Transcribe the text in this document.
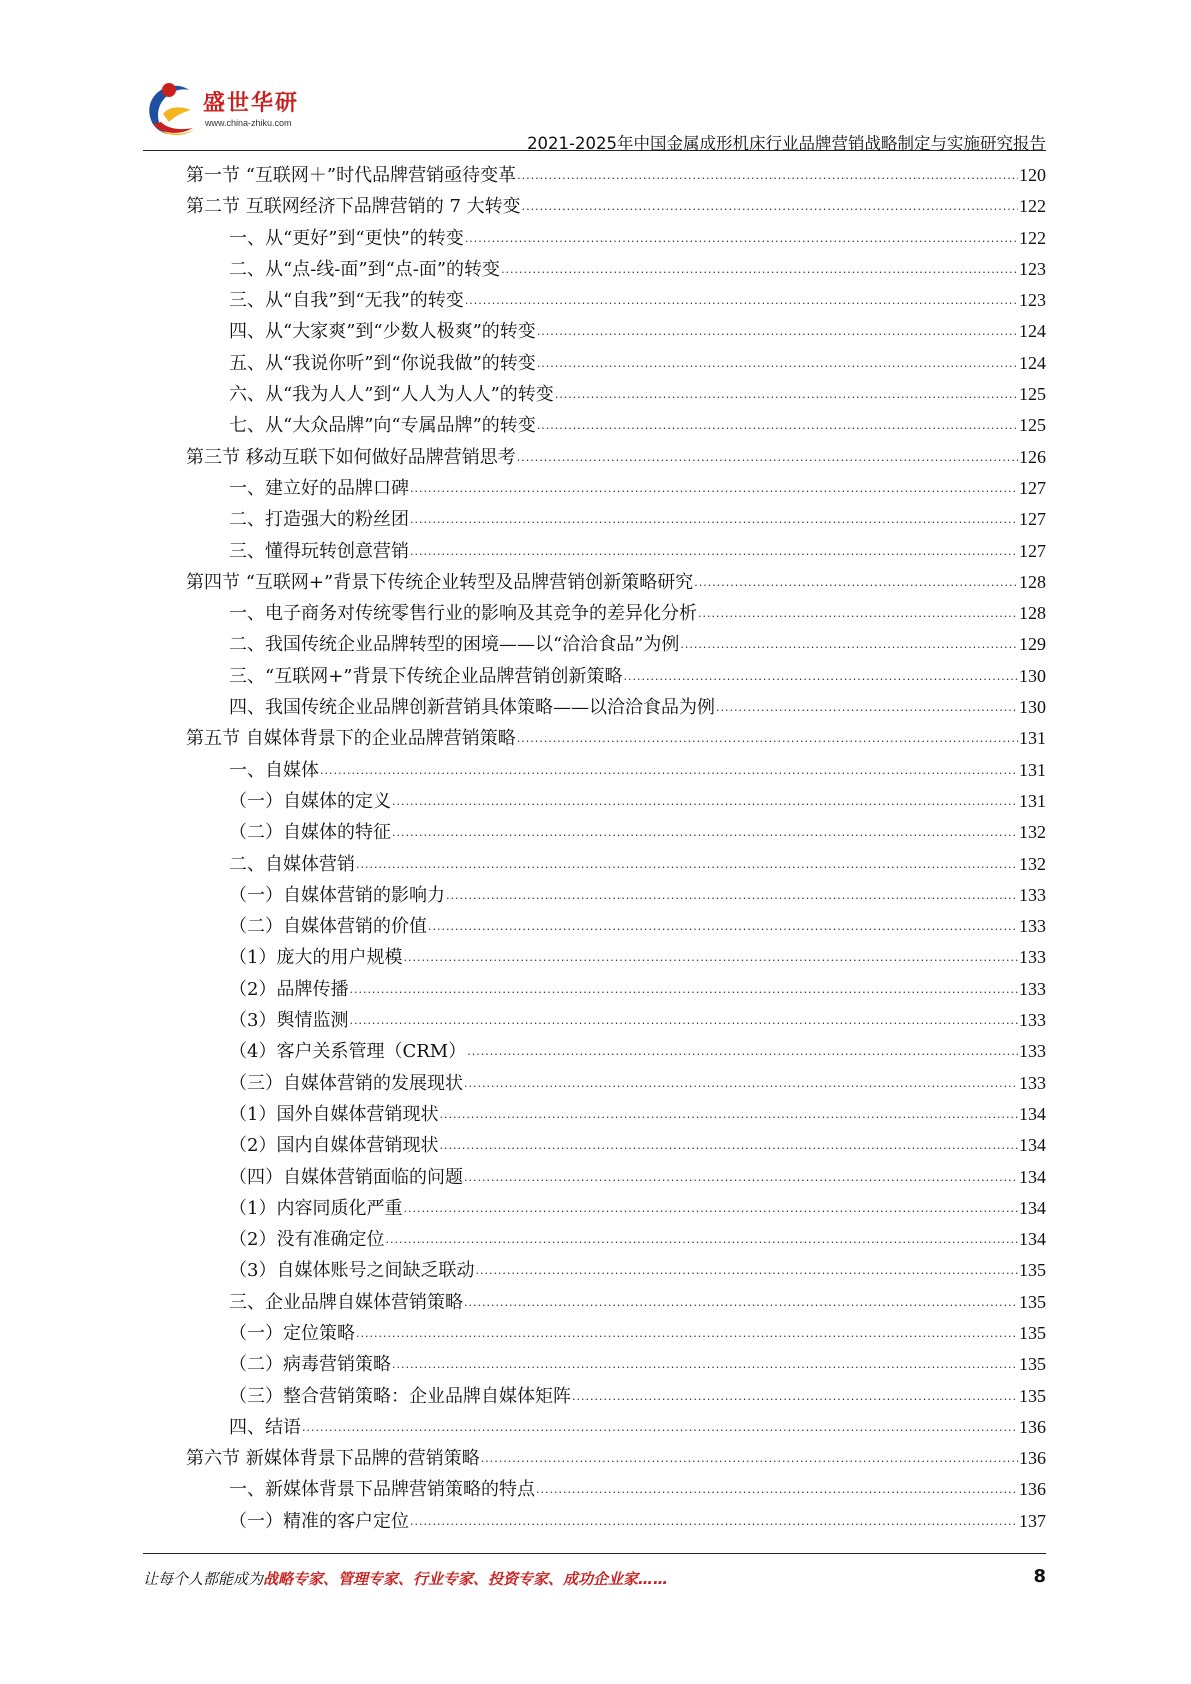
盛世华研
www.china-zhiku.com
2021-2025年中国金属成形机床行业品牌营销战略制定与实施研究报告
第一节 “互联网＋”时代品牌营销亟待变革 .....	120
第二节 互联网经济下品牌营销的 7 大转变 .....	122
一、从“更好”到“更快”的转变 .....	122
二、从“点-线-面”到“点-面”的转变 .....	123
三、从“自我”到“无我”的转变 .....	123
四、从“大家爽”到“少数人极爽”的转变 .....	124
五、从“我说你听”到“你说我做”的转变 .....	124
六、从“我为人人”到“人人为人人”的转变 .....	125
七、从“大众品牌”向“专属品牌”的转变 .....	125
第三节 移动互联下如何做好品牌营销思考 .....	126
一、建立好的品牌口碑 .....	127
二、打造强大的粉丝团 .....	127
三、懂得玩转创意营销 .....	127
第四节 “互联网+”背景下传统企业转型及品牌营销创新策略研究 .....	128
一、电子商务对传统零售行业的影响及其竞争的差异化分析 .....	128
二、我国传统企业品牌转型的困境——以“洽洽食品”为例 .....	129
三、“互联网+”背景下传统企业品牌营销创新策略 .....	130
四、我国传统企业品牌创新营销具体策略——以洽洽食品为例 .....	130
第五节 自媒体背景下的企业品牌营销策略 .....	131
一、自媒体 .....	131
（一）自媒体的定义 .....	131
（二）自媒体的特征 .....	132
二、自媒体营销 .....	132
（一）自媒体营销的影响力 .....	133
（二）自媒体营销的价值 .....	133
（1）庞大的用户规模 .....	133
（2）品牌传播 .....	133
（3）舆情监测 .....	133
（4）客户关系管理（CRM） .....	133
（三）自媒体营销的发展现状 .....	133
（1）国外自媒体营销现状 .....	134
（2）国内自媒体营销现状 .....	134
（四）自媒体营销面临的问题 .....	134
（1）内容同质化严重 .....	134
（2）没有准确定位 .....	134
（3）自媒体账号之间缺乏联动 .....	135
三、企业品牌自媒体营销策略 .....	135
（一）定位策略 .....	135
（二）病毒营销策略 .....	135
（三）整合营销策略：企业品牌自媒体矩阵 .....	135
四、结语 .....	136
第六节 新媒体背景下品牌的营销策略 .....	136
一、新媒体背景下品牌营销策略的特点 .....	136
（一）精准的客户定位 .....	137
让每个人都能成为战略专家、管理专家、行业专家、投资专家、成功企业家……	8
